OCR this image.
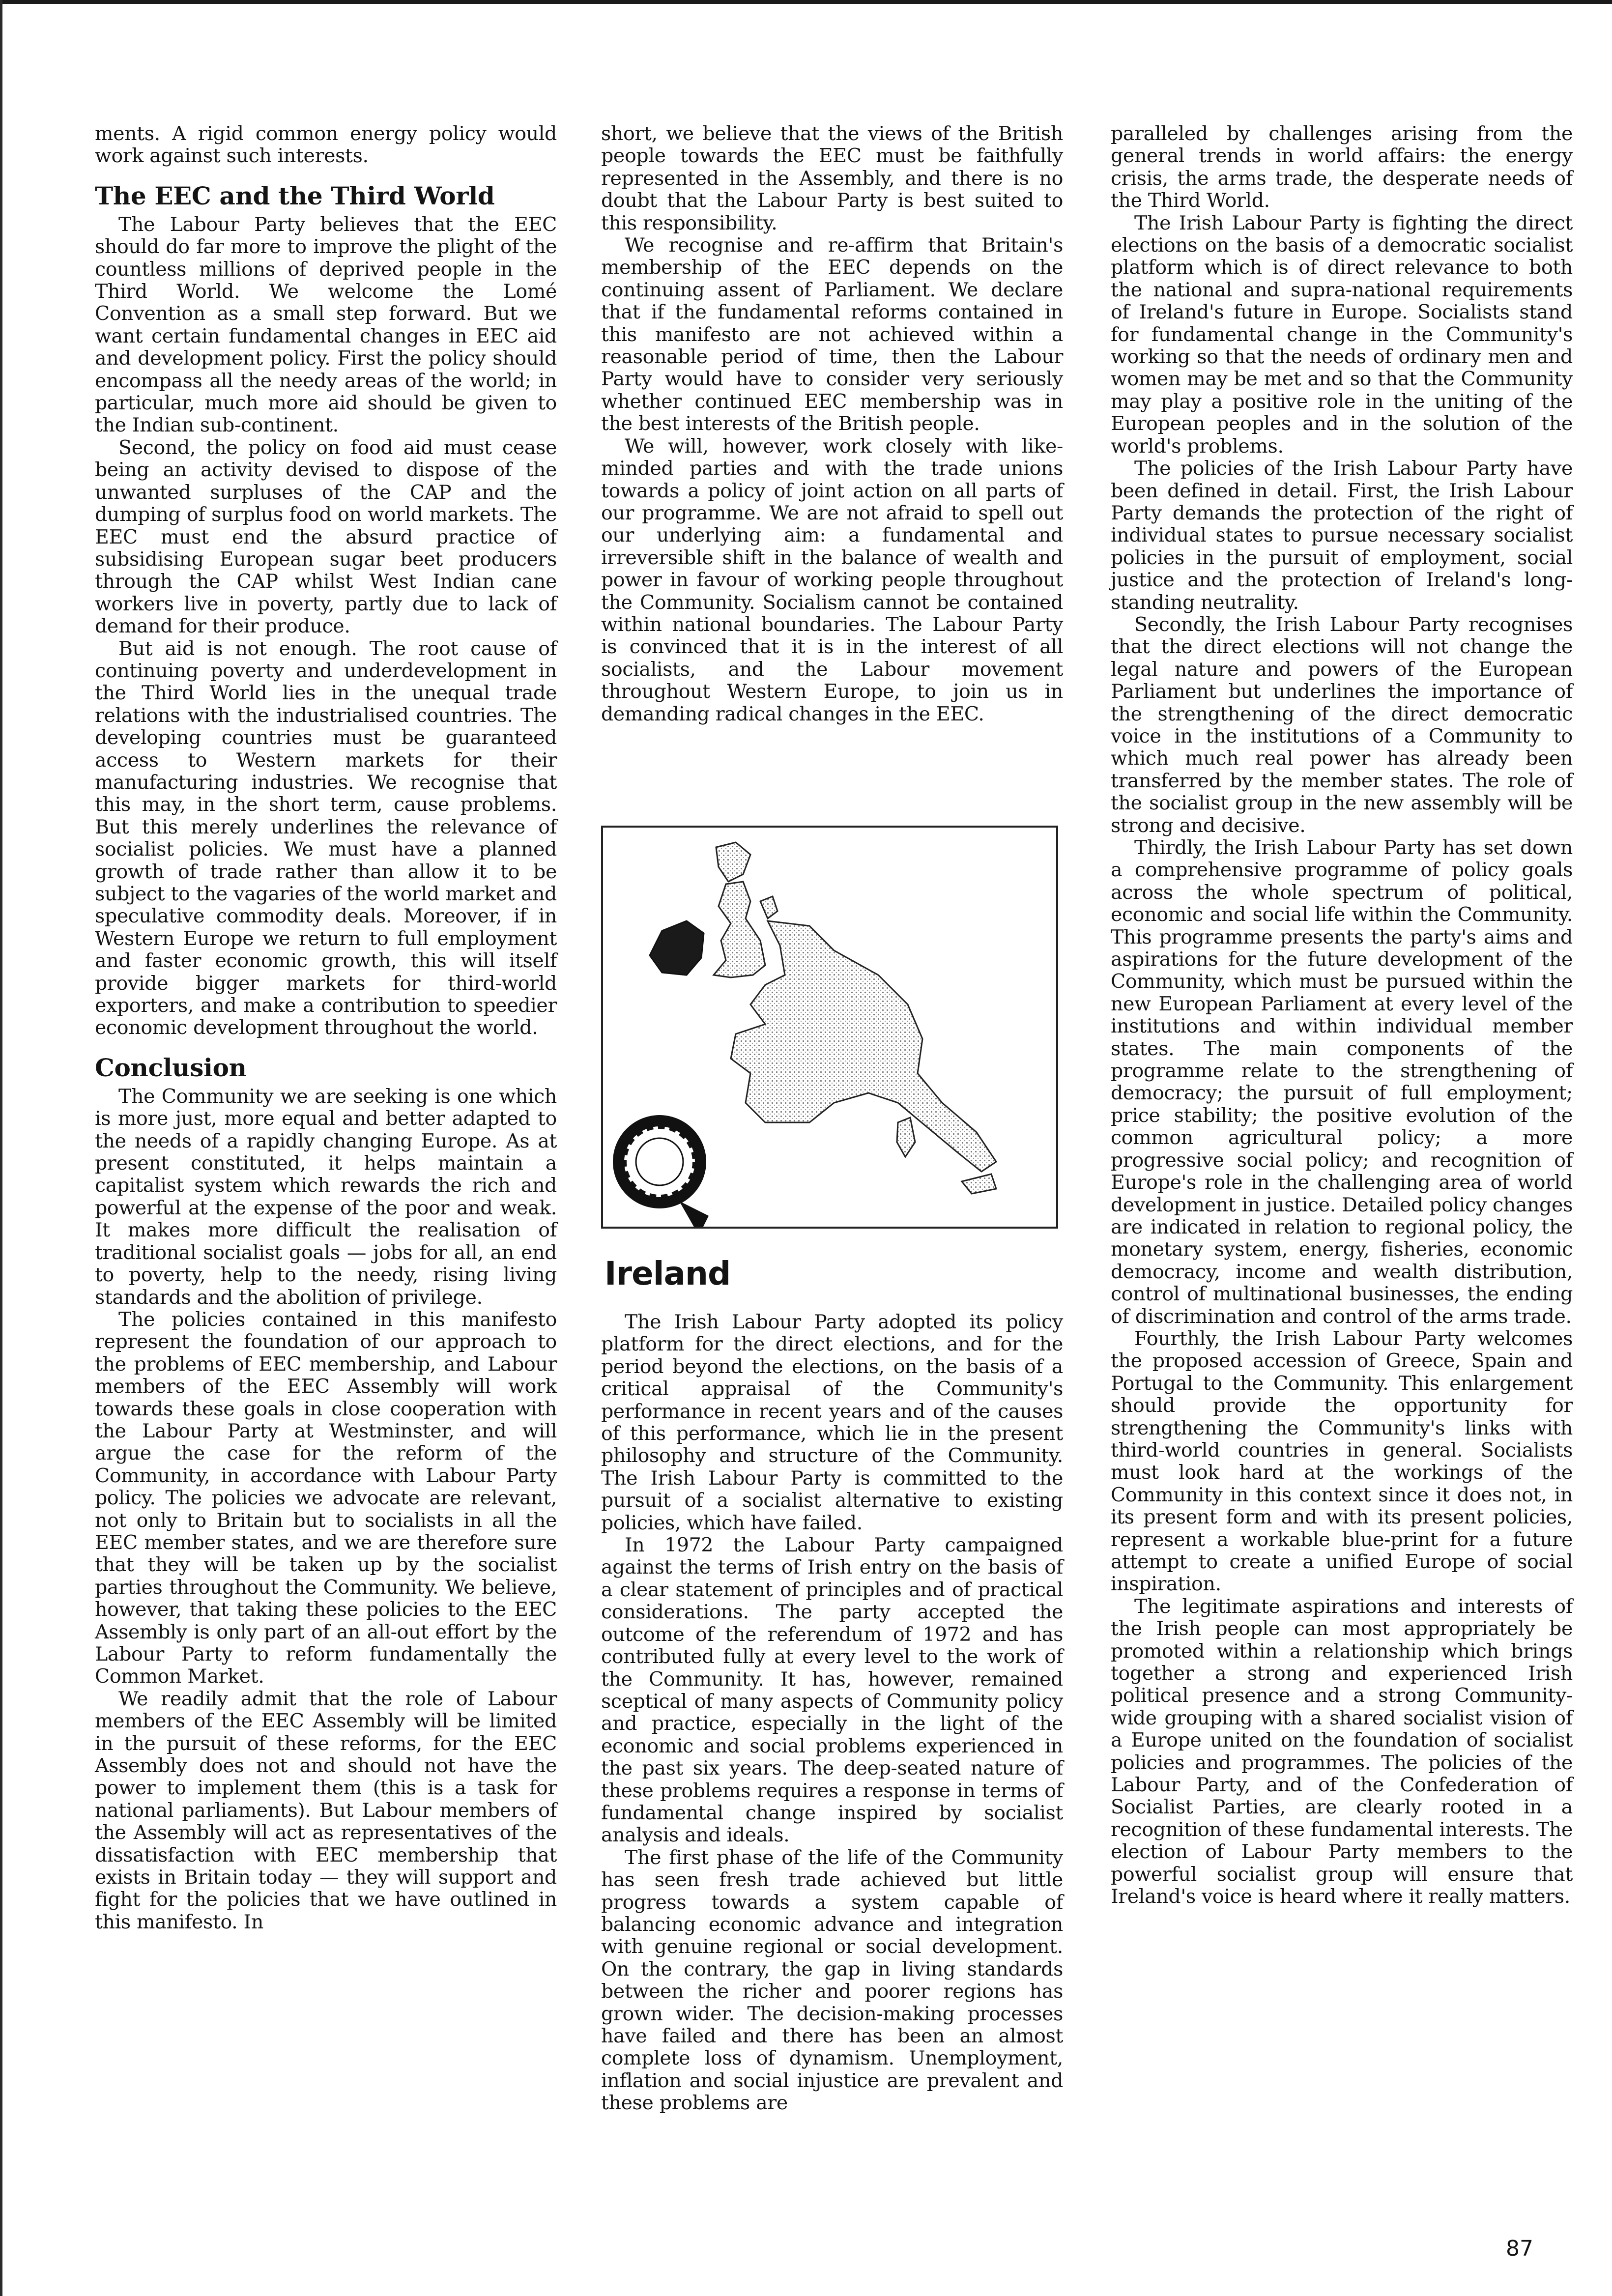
ments. A rigid common energy policy would work against such interests.

The EEC and the Third World

The Labour Party believes that the EEC should do far more to improve the plight of the countless millions of deprived people in the Third World. We welcome the Lomé Convention as a small step forward. But we want certain fundamental changes in EEC aid and development policy. First the policy should encompass all the needy areas of the world; in particular, much more aid should be given to the Indian sub-continent.

Second, the policy on food aid must cease being an activity devised to dispose of the unwanted surpluses of the CAP and the dumping of surplus food on world markets. The EEC must end the absurd practice of subsidising European sugar beet producers through the CAP whilst West Indian cane workers live in poverty, partly due to lack of demand for their produce.

But aid is not enough. The root cause of continuing poverty and underdevelopment in the Third World lies in the unequal trade relations with the industrialised countries. The developing countries must be guaranteed access to Western markets for their manufacturing industries. We recognise that this may, in the short term, cause problems. But this merely underlines the relevance of socialist policies. We must have a planned growth of trade rather than allow it to be subject to the vagaries of the world market and speculative commodity deals. Moreover, if in Western Europe we return to full employment and faster economic growth, this will itself provide bigger markets for third-world exporters, and make a contribution to speedier economic development throughout the world.

Conclusion

The Community we are seeking is one which is more just, more equal and better adapted to the needs of a rapidly changing Europe. As at present constituted, it helps maintain a capitalist system which rewards the rich and powerful at the expense of the poor and weak. It makes more difficult the realisation of traditional socialist goals — jobs for all, an end to poverty, help to the needy, rising living standards and the abolition of privilege.

The policies contained in this manifesto represent the foundation of our approach to the problems of EEC membership, and Labour members of the EEC Assembly will work towards these goals in close cooperation with the Labour Party at Westminster, and will argue the case for the reform of the Community, in accordance with Labour Party policy. The policies we advocate are relevant, not only to Britain but to socialists in all the EEC member states, and we are therefore sure that they will be taken up by the socialist parties throughout the Community. We believe, however, that taking these policies to the EEC Assembly is only part of an all-out effort by the Labour Party to reform fundamentally the Common Market.

We readily admit that the role of Labour members of the EEC Assembly will be limited in the pursuit of these reforms, for the EEC Assembly does not and should not have the power to implement them (this is a task for national parliaments). But Labour members of the Assembly will act as representatives of the dissatisfaction with EEC membership that exists in Britain today — they will support and fight for the policies that we have outlined in this manifesto. In

short, we believe that the views of the British people towards the EEC must be faithfully represented in the Assembly, and there is no doubt that the Labour Party is best suited to this responsibility.

We recognise and re-affirm that Britain's membership of the EEC depends on the continuing assent of Parliament. We declare that if the fundamental reforms contained in this manifesto are not achieved within a reasonable period of time, then the Labour Party would have to consider very seriously whether continued EEC membership was in the best interests of the British people.

We will, however, work closely with like-minded parties and with the trade unions towards a policy of joint action on all parts of our programme. We are not afraid to spell out our underlying aim: a fundamental and irreversible shift in the balance of wealth and power in favour of working people throughout the Community. Socialism cannot be contained within national boundaries. The Labour Party is convinced that it is in the interest of all socialists, and the Labour movement throughout Western Europe, to join us in demanding radical changes in the EEC.

Ireland

The Irish Labour Party adopted its policy platform for the direct elections, and for the period beyond the elections, on the basis of a critical appraisal of the Community's performance in recent years and of the causes of this performance, which lie in the present philosophy and structure of the Community. The Irish Labour Party is committed to the pursuit of a socialist alternative to existing policies, which have failed.

In 1972 the Labour Party campaigned against the terms of Irish entry on the basis of a clear statement of principles and of practical considerations. The party accepted the outcome of the referendum of 1972 and has contributed fully at every level to the work of the Community. It has, however, remained sceptical of many aspects of Community policy and practice, especially in the light of the economic and social problems experienced in the past six years. The deep-seated nature of these problems requires a response in terms of fundamental change inspired by socialist analysis and ideals.

The first phase of the life of the Community has seen fresh trade achieved but little progress towards a system capable of balancing economic advance and integration with genuine regional or social development. On the contrary, the gap in living standards between the richer and poorer regions has grown wider. The decision-making processes have failed and there has been an almost complete loss of dynamism. Unemployment, inflation and social injustice are prevalent and these problems are

paralleled by challenges arising from the general trends in world affairs: the energy crisis, the arms trade, the desperate needs of the Third World.

The Irish Labour Party is fighting the direct elections on the basis of a democratic socialist platform which is of direct relevance to both the national and supra-national requirements of Ireland's future in Europe. Socialists stand for fundamental change in the Community's working so that the needs of ordinary men and women may be met and so that the Community may play a positive role in the uniting of the European peoples and in the solution of the world's problems.

The policies of the Irish Labour Party have been defined in detail. First, the Irish Labour Party demands the protection of the right of individual states to pursue necessary socialist policies in the pursuit of employment, social justice and the protection of Ireland's long-standing neutrality.

Secondly, the Irish Labour Party recognises that the direct elections will not change the legal nature and powers of the European Parliament but underlines the importance of the strengthening of the direct democratic voice in the institutions of a Community to which much real power has already been transferred by the member states. The role of the socialist group in the new assembly will be strong and decisive.

Thirdly, the Irish Labour Party has set down a comprehensive programme of policy goals across the whole spectrum of political, economic and social life within the Community. This programme presents the party's aims and aspirations for the future development of the Community, which must be pursued within the new European Parliament at every level of the institutions and within individual member states. The main components of the programme relate to the strengthening of democracy; the pursuit of full employment; price stability; the positive evolution of the common agricultural policy; a more progressive social policy; and recognition of Europe's role in the challenging area of world development in justice. Detailed policy changes are indicated in relation to regional policy, the monetary system, energy, fisheries, economic democracy, income and wealth distribution, control of multinational businesses, the ending of discrimination and control of the arms trade.

Fourthly, the Irish Labour Party welcomes the proposed accession of Greece, Spain and Portugal to the Community. This enlargement should provide the opportunity for strengthening the Community's links with third-world countries in general. Socialists must look hard at the workings of the Community in this context since it does not, in its present form and with its present policies, represent a workable blue-print for a future attempt to create a unified Europe of social inspiration.

The legitimate aspirations and interests of the Irish people can most appropriately be promoted within a relationship which brings together a strong and experienced Irish political presence and a strong Community-wide grouping with a shared socialist vision of a Europe united on the foundation of socialist policies and programmes. The policies of the Labour Party, and of the Confederation of Socialist Parties, are clearly rooted in a recognition of these fundamental interests. The election of Labour Party members to the powerful socialist group will ensure that Ireland's voice is heard where it really matters.

87
